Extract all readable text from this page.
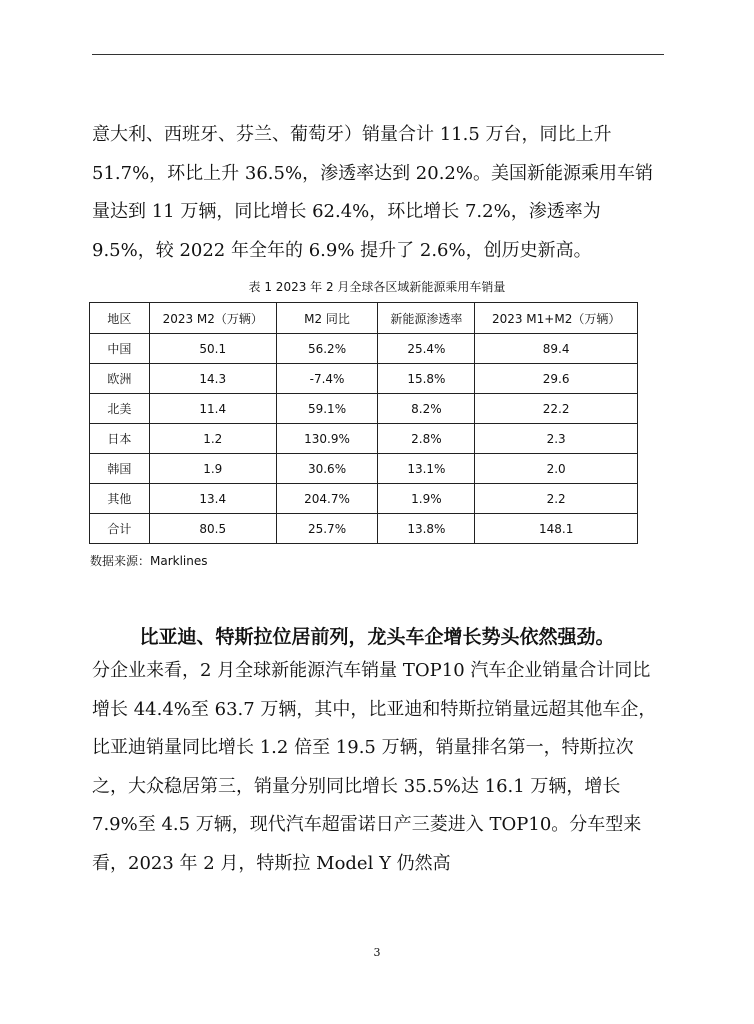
意大利、西班牙、芬兰、葡萄牙）销量合计 11.5 万台，同比上升 51.7%，环比上升 36.5%，渗透率达到 20.2%。美国新能源乘用车销量达到 11 万辆，同比增长 62.4%，环比增长 7.2%，渗透率为 9.5%，较 2022 年全年的 6.9% 提升了 2.6%，创历史新高。

表 1 2023 年 2 月全球各区域新能源乘用车销量
地区	2023 M2（万辆）	M2 同比	新能源渗透率	2023 M1+M2（万辆）
中国	50.1	56.2%	25.4%	89.4
欧洲	14.3	-7.4%	15.8%	29.6
北美	11.4	59.1%	8.2%	22.2
日本	1.2	130.9%	2.8%	2.3
韩国	1.9	30.6%	13.1%	2.0
其他	13.4	204.7%	1.9%	2.2
合计	80.5	25.7%	13.8%	148.1
数据来源：Marklines
比亚迪、特斯拉位居前列，龙头车企增长势头依然强劲。

分企业来看，2 月全球新能源汽车销量 TOP10 汽车企业销量合计同比增长 44.4%至 63.7 万辆，其中，比亚迪和特斯拉销量远超其他车企，比亚迪销量同比增长 1.2 倍至 19.5 万辆，销量排名第一，特斯拉次之，大众稳居第三，销量分别同比增长 35.5%达 16.1 万辆，增长 7.9%至 4.5 万辆，现代汽车超雷诺日产三菱进入 TOP10。分车型来看，2023 年 2 月，特斯拉 Model Y 仍然高

3
